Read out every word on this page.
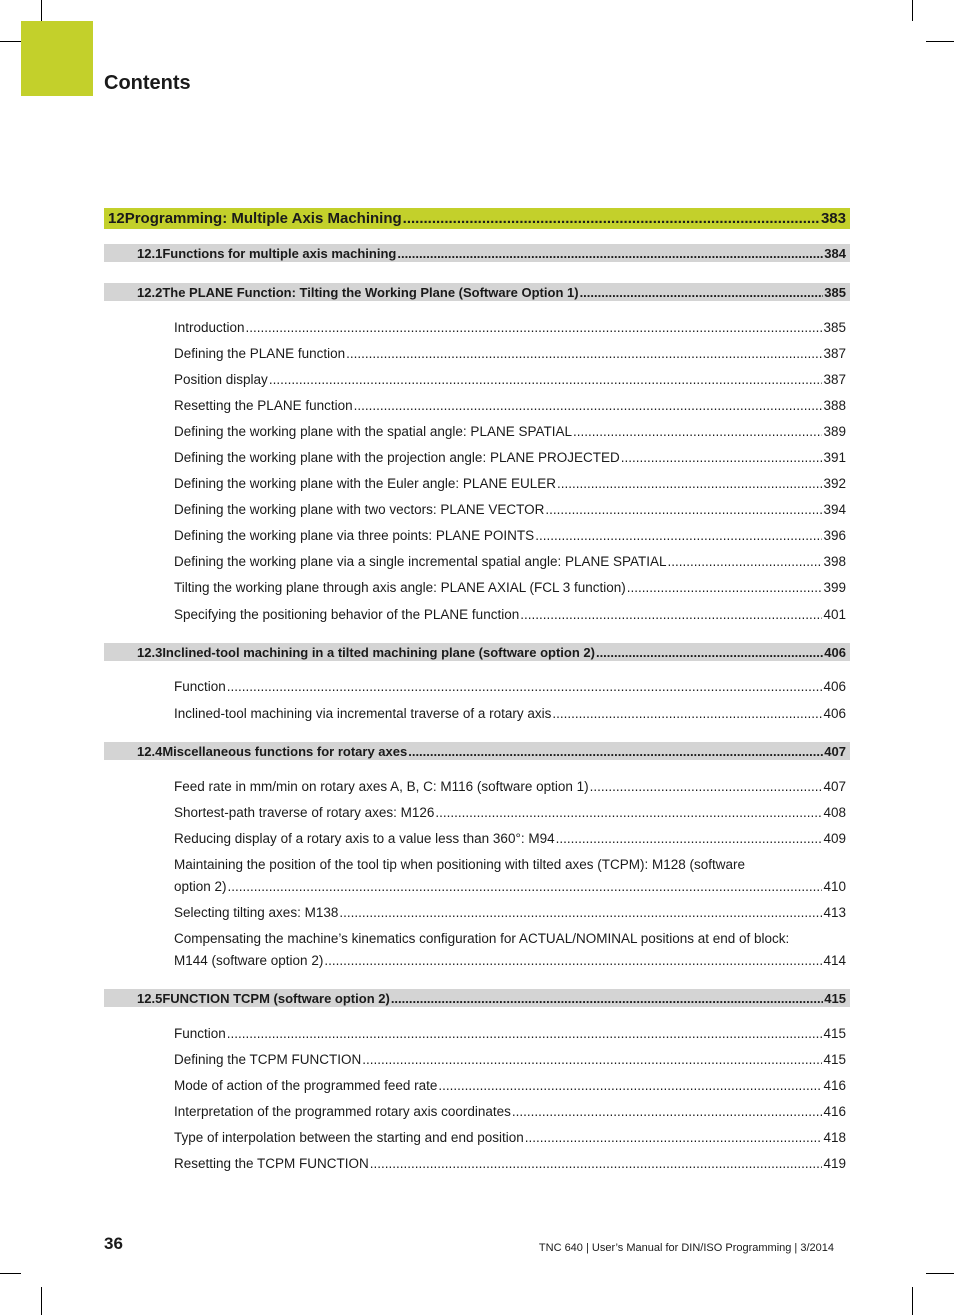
Contents
12 Programming: Multiple Axis Machining .....	383
12.1 Functions for multiple axis machining .....	384
12.2 The PLANE Function: Tilting the Working Plane (Software Option 1) .....	385
Introduction .....	385
Defining the PLANE function .....	387
Position display .....	387
Resetting the PLANE function .....	388
Defining the working plane with the spatial angle: PLANE SPATIAL .....	389
Defining the working plane with the projection angle: PLANE PROJECTED .....	391
Defining the working plane with the Euler angle: PLANE EULER .....	392
Defining the working plane with two vectors: PLANE VECTOR .....	394
Defining the working plane via three points: PLANE POINTS .....	396
Defining the working plane via a single incremental spatial angle: PLANE SPATIAL .....	398
Tilting the working plane through axis angle: PLANE AXIAL (FCL 3 function) .....	399
Specifying the positioning behavior of the PLANE function .....	401
12.3 Inclined-tool machining in a tilted machining plane (software option 2) .....	406
Function .....	406
Inclined-tool machining via incremental traverse of a rotary axis .....	406
12.4 Miscellaneous functions for rotary axes .....	407
Feed rate in mm/min on rotary axes A, B, C: M116 (software option 1) .....	407
Shortest-path traverse of rotary axes: M126 .....	408
Reducing display of a rotary axis to a value less than 360°: M94 .....	409
Maintaining the position of the tool tip when positioning with tilted axes (TCPM): M128 (software
option 2) .....	410
Selecting tilting axes: M138 .....	413
Compensating the machine’s kinematics configuration for ACTUAL/NOMINAL positions at end of block:
M144 (software option 2) .....	414
12.5 FUNCTION TCPM (software option 2) .....	415
Function .....	415
Defining the TCPM FUNCTION .....	415
Mode of action of the programmed feed rate .....	416
Interpretation of the programmed rotary axis coordinates .....	416
Type of interpolation between the starting and end position .....	418
Resetting the TCPM FUNCTION .....	419
36	TNC 640 | User’s Manual for DIN/ISO Programming | 3/2014
